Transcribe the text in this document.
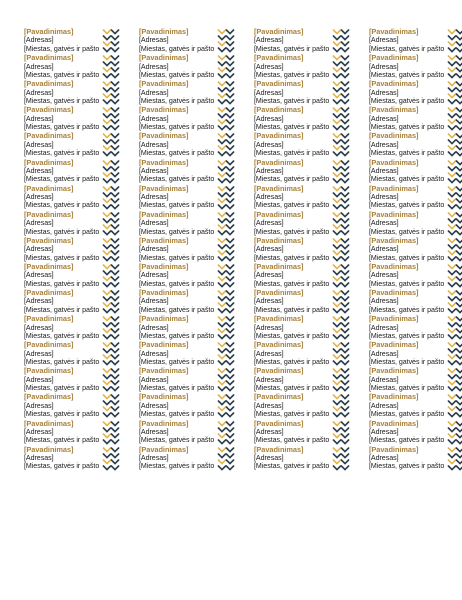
[Pavadinimas]
[Adresas]
[Miestas, gatvės ir pašto
[Pavadinimas]
[Adresas]
[Miestas, gatvės ir pašto
[Pavadinimas]
[Adresas]
[Miestas, gatvės ir pašto
[Pavadinimas]
[Adresas]
[Miestas, gatvės ir pašto
[Pavadinimas]
[Adresas]
[Miestas, gatvės ir pašto
[Pavadinimas]
[Adresas]
[Miestas, gatvės ir pašto
[Pavadinimas]
[Adresas]
[Miestas, gatvės ir pašto
[Pavadinimas]
[Adresas]
[Miestas, gatvės ir pašto
[Pavadinimas]
[Adresas]
[Miestas, gatvės ir pašto
[Pavadinimas]
[Adresas]
[Miestas, gatvės ir pašto
[Pavadinimas]
[Adresas]
[Miestas, gatvės ir pašto
[Pavadinimas]
[Adresas]
[Miestas, gatvės ir pašto
[Pavadinimas]
[Adresas]
[Miestas, gatvės ir pašto
[Pavadinimas]
[Adresas]
[Miestas, gatvės ir pašto
[Pavadinimas]
[Adresas]
[Miestas, gatvės ir pašto
[Pavadinimas]
[Adresas]
[Miestas, gatvės ir pašto
[Pavadinimas]
[Adresas]
[Miestas, gatvės ir pašto
[Pavadinimas]
[Adresas]
[Miestas, gatvės ir pašto
[Pavadinimas]
[Adresas]
[Miestas, gatvės ir pašto
[Pavadinimas]
[Adresas]
[Miestas, gatvės ir pašto
[Pavadinimas]
[Adresas]
[Miestas, gatvės ir pašto
[Pavadinimas]
[Adresas]
[Miestas, gatvės ir pašto
[Pavadinimas]
[Adresas]
[Miestas, gatvės ir pašto
[Pavadinimas]
[Adresas]
[Miestas, gatvės ir pašto
[Pavadinimas]
[Adresas]
[Miestas, gatvės ir pašto
[Pavadinimas]
[Adresas]
[Miestas, gatvės ir pašto
[Pavadinimas]
[Adresas]
[Miestas, gatvės ir pašto
[Pavadinimas]
[Adresas]
[Miestas, gatvės ir pašto
[Pavadinimas]
[Adresas]
[Miestas, gatvės ir pašto
[Pavadinimas]
[Adresas]
[Miestas, gatvės ir pašto
[Pavadinimas]
[Adresas]
[Miestas, gatvės ir pašto
[Pavadinimas]
[Adresas]
[Miestas, gatvės ir pašto
[Pavadinimas]
[Adresas]
[Miestas, gatvės ir pašto
[Pavadinimas]
[Adresas]
[Miestas, gatvės ir pašto
[Pavadinimas]
[Adresas]
[Miestas, gatvės ir pašto
[Pavadinimas]
[Adresas]
[Miestas, gatvės ir pašto
[Pavadinimas]
[Adresas]
[Miestas, gatvės ir pašto
[Pavadinimas]
[Adresas]
[Miestas, gatvės ir pašto
[Pavadinimas]
[Adresas]
[Miestas, gatvės ir pašto
[Pavadinimas]
[Adresas]
[Miestas, gatvės ir pašto
[Pavadinimas]
[Adresas]
[Miestas, gatvės ir pašto
[Pavadinimas]
[Adresas]
[Miestas, gatvės ir pašto
[Pavadinimas]
[Adresas]
[Miestas, gatvės ir pašto
[Pavadinimas]
[Adresas]
[Miestas, gatvės ir pašto
[Pavadinimas]
[Adresas]
[Miestas, gatvės ir pašto
[Pavadinimas]
[Adresas]
[Miestas, gatvės ir pašto
[Pavadinimas]
[Adresas]
[Miestas, gatvės ir pašto
[Pavadinimas]
[Adresas]
[Miestas, gatvės ir pašto
[Pavadinimas]
[Adresas]
[Miestas, gatvės ir pašto
[Pavadinimas]
[Adresas]
[Miestas, gatvės ir pašto
[Pavadinimas]
[Adresas]
[Miestas, gatvės ir pašto
[Pavadinimas]
[Adresas]
[Miestas, gatvės ir pašto
[Pavadinimas]
[Adresas]
[Miestas, gatvės ir pašto
[Pavadinimas]
[Adresas]
[Miestas, gatvės ir pašto
[Pavadinimas]
[Adresas]
[Miestas, gatvės ir pašto
[Pavadinimas]
[Adresas]
[Miestas, gatvės ir pašto
[Pavadinimas]
[Adresas]
[Miestas, gatvės ir pašto
[Pavadinimas]
[Adresas]
[Miestas, gatvės ir pašto
[Pavadinimas]
[Adresas]
[Miestas, gatvės ir pašto
[Pavadinimas]
[Adresas]
[Miestas, gatvės ir pašto
[Pavadinimas]
[Adresas]
[Miestas, gatvės ir pašto
[Pavadinimas]
[Adresas]
[Miestas, gatvės ir pašto
[Pavadinimas]
[Adresas]
[Miestas, gatvės ir pašto
[Pavadinimas]
[Adresas]
[Miestas, gatvės ir pašto
[Pavadinimas]
[Adresas]
[Miestas, gatvės ir pašto
[Pavadinimas]
[Adresas]
[Miestas, gatvės ir pašto
[Pavadinimas]
[Adresas]
[Miestas, gatvės ir pašto
[Pavadinimas]
[Adresas]
[Miestas, gatvės ir pašto
